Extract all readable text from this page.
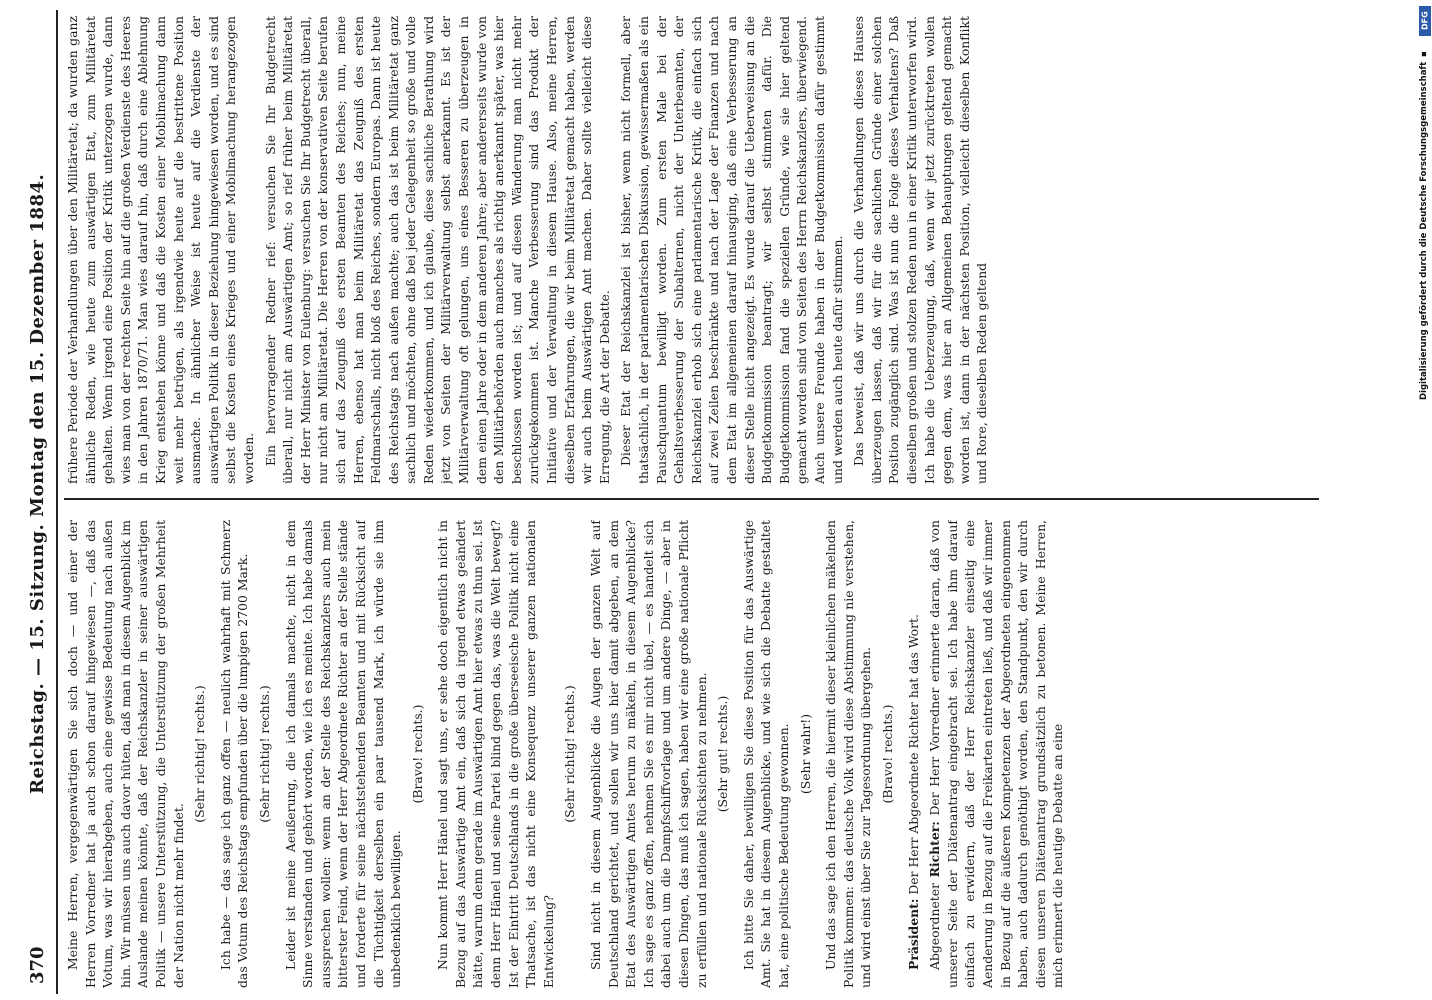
370
Reichstag. — 15. Sitzung. Montag den 15. Dezember 1884. Meine Herren, vergegenwärtigen Sie sich doch — und einer der Herren Vorredner hat ja auch schon darauf hingewiesen —, daß das Votum, was wir hierabgeben, auch eine gewisse Bedeutung nach außen hin. Wir müssen uns auch davor hüten, daß man in diesem Augenblick im Auslande meinen könnte, daß der Reichskanzler in seiner auswärtigen Politik — unsere Unterstützung, die Unterstützung der großen Mehrheit der Nation nicht mehr findet.

(Sehr richtig! rechts.) Ich habe — das sage ich ganz offen — neulich wahrhaft mit Schmerz das Votum des Reichstags empfunden über die lumpigen 2700 Mark. (Sehr richtig! rechts.) Leider ist meine Aeußerung, die ich damals machte, nicht in dem Sinne verstanden und gehört worden, wie ich es meinte. Ich habe damals aussprechen wollen: wenn an der Stelle des Reichskanzlers auch mein bitterster Feind, wenn der Herr Abgeordnete Richter an der Stelle stände und forderte für seine nächststehenden Beamten und mit Rücksicht auf die Tüchtigkeit derselben ein paar tausend Mark, ich würde sie ihm unbedenklich bewilligen.

(Bravo! rechts.) Nun kommt Herr Hänel und sagt uns, er sehe doch eigentlich nicht in Bezug auf das Auswärtige Amt ein, daß sich da irgend etwas geändert hätte, warum denn gerade im Auswärtigen Amt hier etwas zu thun sei. Ist denn Herr Hänel und seine Partei blind gegen das, was die Welt bewegt? Ist der Eintritt Deutschlands in die große überseeische Politik nicht eine Thatsache, ist das nicht eine Konsequenz unserer ganzen nationalen Entwickelung?

(Sehr richtig! rechts.) Sind nicht in diesem Augenblicke die Augen der ganzen Welt auf Deutschland gerichtet, und sollen wir uns hier damit abgeben, an dem Etat des Auswärtigen Amtes herum zu mäkeln, in diesem Augenblicke? Ich sage es ganz offen, nehmen Sie es mir nicht übel, — es handelt sich dabei auch um die Dampfschiffvorlage und um andere Dinge, — aber in diesen Dingen, das muß ich sagen, haben wir eine große nationale Pflicht zu erfüllen und nationale Rücksichten zu nehmen. (Sehr gut! rechts.) Ich bitte Sie daher, bewilligen Sie diese Position für das Auswärtige Amt. Sie hat in diesem Augenblicke, und wie sich die Debatte gestaltet hat, eine politische Bedeutung gewonnen. (Sehr wahr!) Und das sage ich den Herren, die hiermit dieser kleinlichen mäkelnden Politik kommen: das deutsche Volk wird diese Abstimmung nie verstehen, und wird einst über Sie zur Tagesordnung übergehen. (Bravo! rechts.)

Präsident: Der Herr Abgeordnete Richter hat das Wort.

Abgeordneter Richter: Der Herr Vorredner erinnerte daran, daß von unserer Seite der Diätenantrag eingebracht sei. Ich habe ihm darauf einfach zu erwidern, daß der Herr Reichskanzler einseitig eine Aenderung in Bezug auf die Freikarten eintreten ließ, und daß wir immer in Bezug auf die äußeren Kompetenzen der Abgeordneten eingenommen haben, auch dadurch genöthigt worden, den Standpunkt, den wir durch diesen unseren Diätenantrag grundsätzlich zu betonen. Meine Herren, mich erinnert die heutige Debatte an eine

frühere Periode der Verhandlungen über den Militäretat; da wurden ganz ähnliche Reden, wie heute zum auswärtigen Etat, zum Militäretat gehalten. Wenn irgend eine Position der Kritik unterzogen wurde, dann wies man von der rechten Seite hin auf die großen Verdienste des Heeres in den Jahren 1870/71. Man wies darauf hin, daß durch eine Ablehnung Krieg entstehen könne und daß die Kosten einer Mobilmachung dann weit mehr betrügen, als irgendwie heute auf die bestrittene Position ausmache. In ähnlicher Weise ist heute auf die Verdienste der auswärtigen Politik in dieser Beziehung hingewiesen worden, und es sind selbst die Kosten eines Krieges und einer Mobilmachung herangezogen worden. Ein hervorragender Redner rief: versuchen Sie Ihr Budgetrecht überall, nur nicht am Auswärtigen Amt; so rief früher beim Militäretat der Herr Minister von Eulenburg: versuchen Sie Ihr Budgetrecht überall, nur nicht am Militäretat. Die Herren von der konservativen Seite berufen sich auf das Zeugniß des ersten Beamten des Reiches; nun, meine Herren, ebenso hat man beim Militäretat das Zeugniß des ersten Feldmarschalls, nicht bloß des Reiches, sondern Europas. Dann ist heute des Reichstags nach außen machte; auch das ist beim Militäretat ganz sachlich und möchten, ohne daß bei jeder Gelegenheit so große und volle Reden wiederkommen, und ich glaube, diese sachliche Berathung wird jetzt von Seiten der Militärverwaltung selbst anerkannt. Es ist der Militärverwaltung oft gelungen, uns eines Besseren zu überzeugen in dem einen Jahre oder in dem anderen Jahre; aber andererseits wurde von den Militärbehörden auch manches als richtig anerkannt später, was hier beschlossen worden ist; und auf diesen Wänderung man nicht mehr zurückgekommen ist. Manche Verbesserung sind das Produkt der Initiative und der Verwaltung in diesem Hause. Also, meine Herren, dieselben Erfahrungen, die wir beim Militäretat gemacht haben, werden wir auch beim Auswärtigen Amt machen. Daher sollte vielleicht diese Erregung, die Art der Debatte. Dieser Etat der Reichskanzlei ist bisher, wenn nicht formell, aber thatsächlich, in der parlamentarischen Diskussion, gewissermaßen als ein Pauschquantum bewilligt worden. Zum ersten Male bei der Gehaltsverbesserung der Subalternen, nicht der Unterbeamten, der Reichskanzlei erhob sich eine parlamentarische Kritik, die einfach sich auf zwei Zeilen beschränkte und nach der Lage der Finanzen und nach dem Etat im allgemeinen darauf hinausging, daß eine Verbesserung an dieser Stelle nicht angezeigt. Es wurde darauf die Ueberweisung an die Budgetkommission beantragt; wir selbst stimmten dafür. Die Budgetkommission fand die speziellen Gründe, wie sie hier geltend gemacht worden sind von Seiten des Herrn Reichskanzlers, überwiegend. Auch unsere Freunde haben in der Budgetkommission dafür gestimmt und werden auch heute dafür stimmen. Das beweist, daß wir uns durch die Verhandlungen dieses Hauses überzeugen lassen, daß wir für die sachlichen Gründe einer solchen Position zugänglich sind. Was ist nun die Folge dieses Verhaltens? Daß dieselben großen und stolzen Reden nun in einer Kritik unterworfen wird. Ich habe die Ueberzeugung, daß, wenn wir jetzt zurücktreten wollen gegen dem, was hier an Allgemeinen Behauptungen geltend gemacht worden ist, dann in der nächsten Position, vielleicht dieselben Konflikt und Rore, dieselben Reden geltend

DFG
Digitalisierung gefördert durch die Deutsche Forschungsgemeinschaft ▪
